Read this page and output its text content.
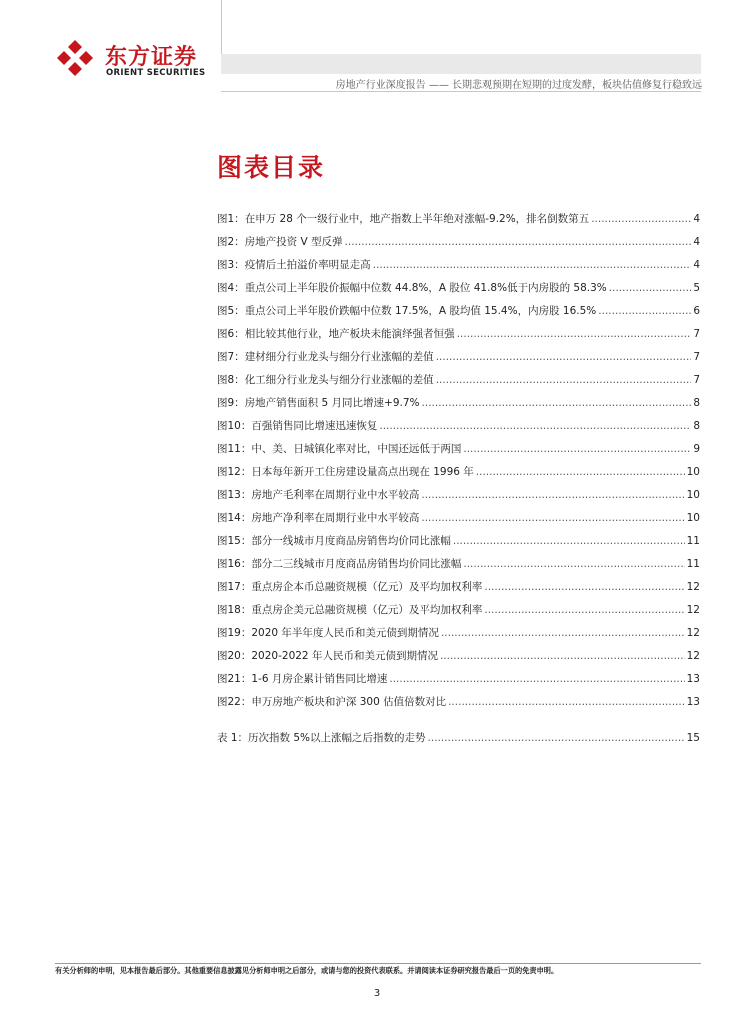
东方证券
ORIENT SECURITIES
房地产行业深度报告 —— 长期悲观预期在短期的过度发酵，板块估值修复行稳致远
图表目录
图1： 在申万 28 个一级行业中，地产指数上半年绝对涨幅-9.2%，排名倒数第五 .....	4
图2： 房地产投资 V 型反弹 .....	4
图3： 疫情后土拍溢价率明显走高 .....	4
图4： 重点公司上半年股价振幅中位数 44.8%，A 股位 41.8%低于内房股的 58.3% .....	5
图5： 重点公司上半年股价跌幅中位数 17.5%，A 股均值 15.4%，内房股 16.5% .....	6
图6： 相比较其他行业，地产板块未能演绎强者恒强 .....	7
图7： 建材细分行业龙头与细分行业涨幅的差值 .....	7
图8： 化工细分行业龙头与细分行业涨幅的差值 .....	7
图9： 房地产销售面积 5 月同比增速+9.7% .....	8
图10： 百强销售同比增速迅速恢复 .....	8
图11： 中、美、日城镇化率对比，中国还远低于两国 .....	9
图12： 日本每年新开工住房建设量高点出现在 1996 年 .....	10
图13： 房地产毛利率在周期行业中水平较高 .....	10
图14： 房地产净利率在周期行业中水平较高 .....	10
图15： 部分一线城市月度商品房销售均价同比涨幅 .....	11
图16： 部分二三线城市月度商品房销售均价同比涨幅 .....	11
图17： 重点房企本币总融资规模（亿元）及平均加权利率 .....	12
图18： 重点房企美元总融资规模（亿元）及平均加权利率 .....	12
图19： 2020 年半年度人民币和美元债到期情况 .....	12
图20： 2020-2022 年人民币和美元债到期情况 .....	12
图21： 1-6 月房企累计销售同比增速 .....	13
图22： 申万房地产板块和沪深 300 估值倍数对比 .....	13
表 1： 历次指数 5%以上涨幅之后指数的走势 .....	15
有关分析师的申明，见本报告最后部分。其他重要信息披露见分析师申明之后部分，或请与您的投资代表联系。并请阅读本证券研究报告最后一页的免责申明。
3
